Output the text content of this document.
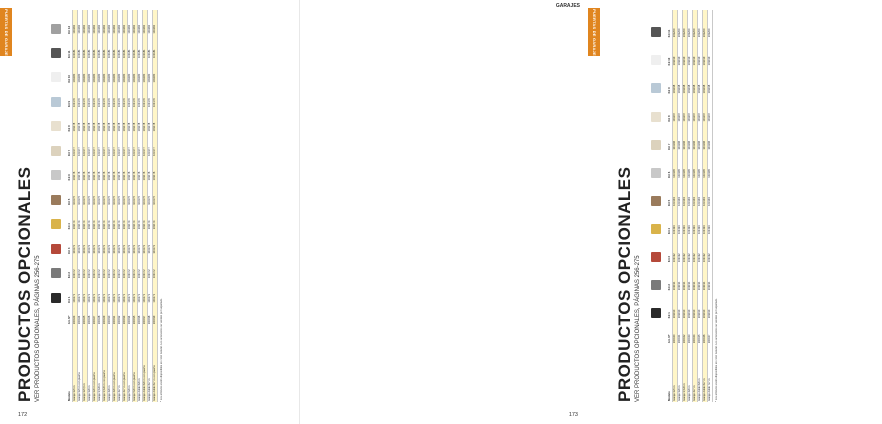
PUERTAS DE GARAJE
PRODUCTOS OPCIONALES VER PRODUCTOS OPCIONALES, PÁGINAS 256-275
														Modelo	Art. Nº	Kit 1	Kit 2	Kit 3	Kit 4	Kit 5	Kit 6	Kit 7	Kit 8	Kit 9	Kit 10	Kit 11	Kit 12
Garaje 3x5 m	100023	103171	103172	103173	103174	103175	103176	103177	103178	103179	103180	103181	103182
Garaje 3x5 m con puerta	100024	103171	103172	103173	103174	103175	103176	103177	103178	103179	103180	103181	103182
Garaje 3x5,5 m	100025	103171	103172	103173	103174	103175	103176	103177	103178	103179	103180	103181	103182
Garaje 3x6 m	100026	103171	103172	103173	103174	103175	103176	103177	103178	103179	103180	103181	103182
Garaje 3x6 m con puerta	100027	103171	103172	103173	103174	103175	103176	103177	103178	103179	103180	103181	103182
Garaje 3,5x6 m	100028	103171	103172	103173	103174	103175	103176	103177	103178	103179	103180	103181	103182
Garaje 3,5x6 m con puerta	100029	103171	103172	103173	103174	103175	103176	103177	103178	103179	103180	103181	103182
Garaje 4x6 m	100030	103171	103172	103173	103174	103175	103176	103177	103178	103179	103180	103181	103182
Garaje 4x6 m con puerta	100031	103171	103172	103173	103174	103175	103176	103177	103178	103179	103180	103181	103182
Garaje 4x7 m	100032	103171	103172	103173	103174	103175	103176	103177	103178	103179	103180	103181	103182
Garaje 4x7 m con puerta	100033	103171	103172	103173	103174	103175	103176	103177	103178	103179	103180	103181	103182
Garaje 5x6 m	100034	103171	103172	103173	103174	103175	103176	103177	103178	103179	103180	103181	103182
Garaje 5x6 m con puerta	100035	103171	103172	103173	103174	103175	103176	103177	103178	103179	103180	103181	103182
Garaje doble 6x6 m	100036	103171	103172	103173	103174	103175	103176	103177	103178	103179	103180	103181	103182
Garaje doble 6x6 m con puerta	100037	103171	103172	103173	103174	103175	103176	103177	103178	103179	103180	103181	103182
Garaje doble 6x7 m	100038	103171	103172	103173	103174	103175	103176	103177	103178	103179	103180	103181	103182
Garaje doble 6x7 m con puerta	100039	103171	103172	103173	103174	103175	103176	103177	103178	103179	103180	103181	103182
* Los artículos están disponibles en color natural. Los accesorios se venden por separado.
172
GARAJES
PUERTAS DE GARAJE
PRODUCTOS OPCIONALES VER PRODUCTOS OPCIONALES, PÁGINAS 256-275
													Modelo	Art. Nº	Kit 1	Kit 2	Kit 3	Kit 4	Kit 5	Kit 6	Kit 7	Kit 8	Kit 9	Kit 10	Kit 11
Garaje 3x5 m	100040	103190	103191	103192	103193	103194	103195	103196	103197	103198	103199	103200
Garaje 3x6 m	100041	103190	103191	103192	103193	103194	103195	103196	103197	103198	103199	103200
Garaje 3,5x6 m	100042	103190	103191	103192	103193	103194	103195	103196	103197	103198	103199	103200
Garaje 4x6 m	100043	103190	103191	103192	103193	103194	103195	103196	103197	103198	103199	103200
Garaje 4x7 m	100044	103190	103191	103192	103193	103194	103195	103196	103197	103198	103199	103200
Garaje doble 6x6 m	100045	103190	103191	103192	103193	103194	103195	103196	103197	103198	103199	103200
Garaje doble 6x7 m	100046	103190	103191	103192	103193	103194	103195	103196	103197	103198	103199	103200
Garaje doble 7x7 m	100047	103190	103191	103192	103193	103194	103195	103196	103197	103198	103199	103200
* Los artículos están disponibles en color natural. Los accesorios se venden por separado.
173
